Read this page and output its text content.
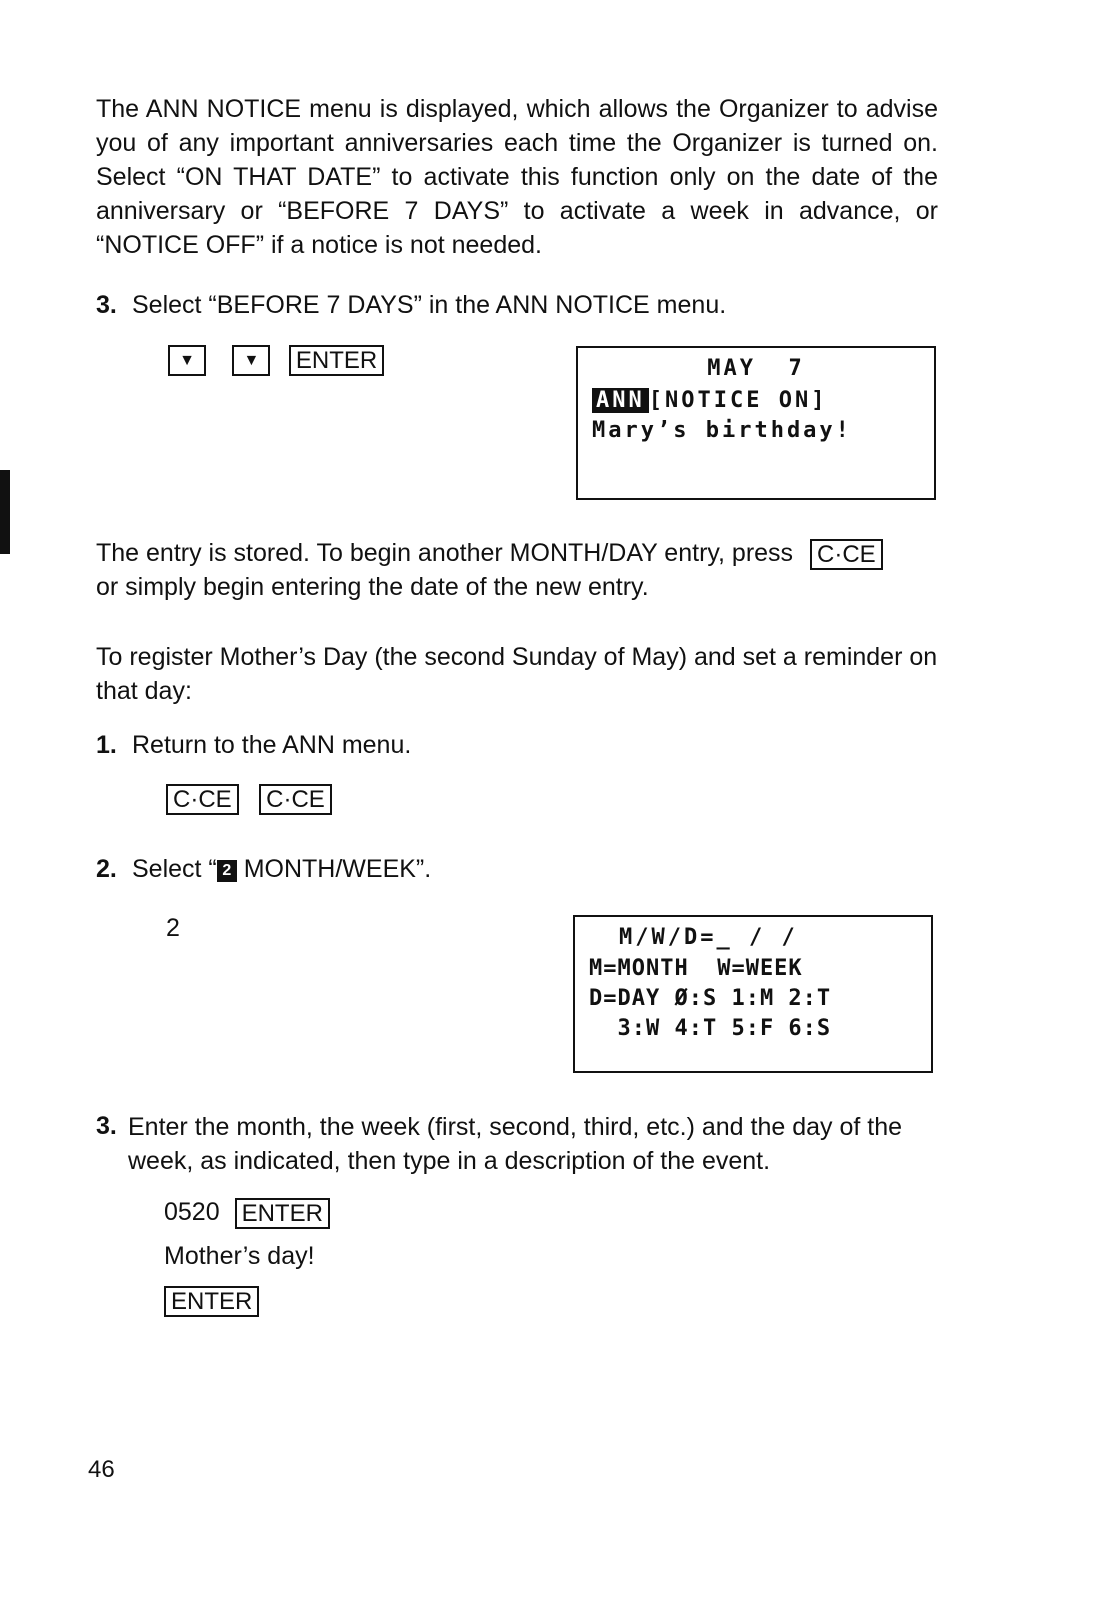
The ANN NOTICE menu is displayed, which allows the Organizer to advise you of any important anniversaries each time the Organizer is turned on. Select “ON THAT DATE” to activate this function only on the date of the anniversary or “BEFORE 7 DAYS” to activate a week in advance, or “NOTICE OFF” if a notice is not needed.
3. Select “BEFORE 7 DAYS” in the ANN NOTICE menu.
▼	▼ ENTER	MAY  7

ANN [NOTICE ON]

Mary’s birthday!

The entry is stored. To begin another MONTH/DAY entry, press C·CE
or simply begin entering the date of the new entry.
To register Mother’s Day (the second Sunday of May) and set a reminder on that day:
1. Return to the ANN menu.
C·CE C·CE
2. Select “ 2 MONTH/WEEK”.
2	M/W/D=_ / /

M=MONTH  W=WEEK

D=DAY Ø:S 1:M 2:T

3:W 4:T 5:F 6:S

3. Enter the month, the week (first, second, third, etc.) and the day of the week, as indicated, then type in a description of the event.
0520 ENTER
Mother’s day!
ENTER
46
